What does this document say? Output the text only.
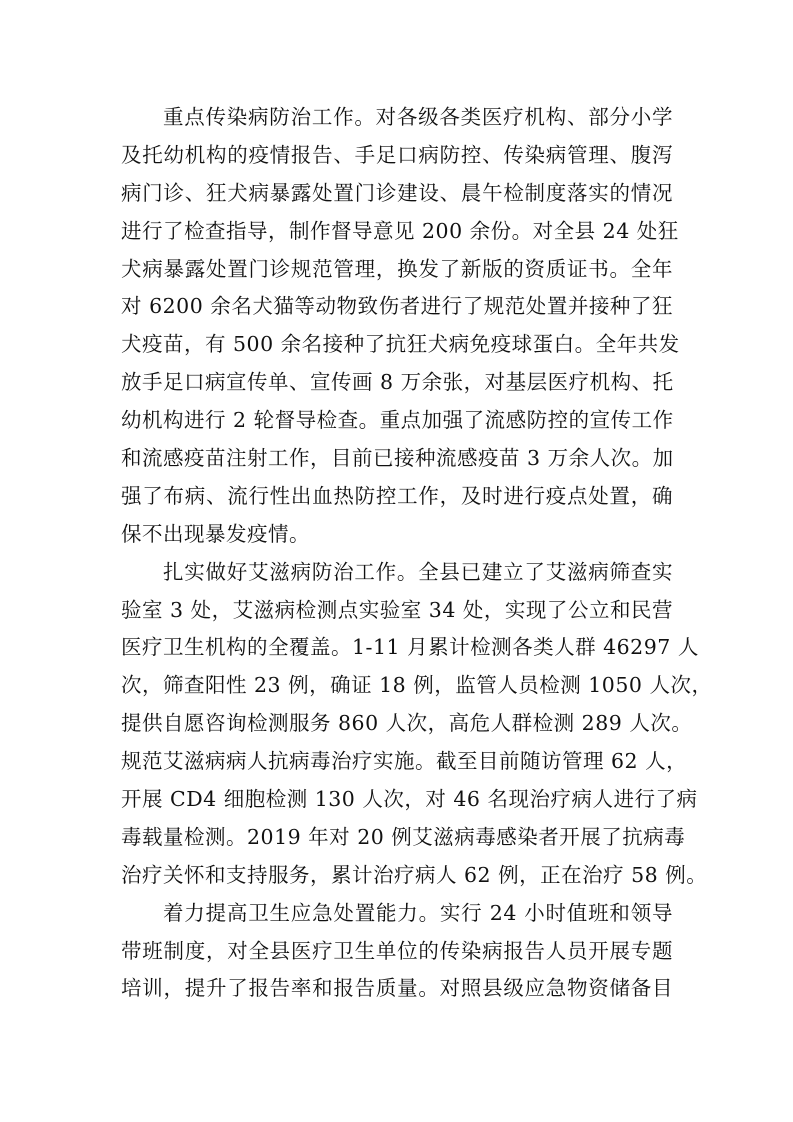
重点传染病防治工作。对各级各类医疗机构、部分小学
及托幼机构的疫情报告、手足口病防控、传染病管理、腹泻
病门诊、狂犬病暴露处置门诊建设、晨午检制度落实的情况
进行了检查指导，制作督导意见 200 余份。对全县 24 处狂
犬病暴露处置门诊规范管理，换发了新版的资质证书。全年
对 6200 余名犬猫等动物致伤者进行了规范处置并接种了狂
犬疫苗，有 500 余名接种了抗狂犬病免疫球蛋白。全年共发
放手足口病宣传单、宣传画 8 万余张，对基层医疗机构、托
幼机构进行 2 轮督导检查。重点加强了流感防控的宣传工作
和流感疫苗注射工作，目前已接种流感疫苗 3 万余人次。加
强了布病、流行性出血热防控工作，及时进行疫点处置，确
保不出现暴发疫情。
扎实做好艾滋病防治工作。全县已建立了艾滋病筛查实
验室 3 处，艾滋病检测点实验室 34 处，实现了公立和民营
医疗卫生机构的全覆盖。1-11 月累计检测各类人群 46297 人
次，筛查阳性 23 例，确证 18 例，监管人员检测 1050 人次，
提供自愿咨询检测服务 860 人次，高危人群检测 289 人次。
规范艾滋病病人抗病毒治疗实施。截至目前随访管理 62 人，
开展 CD4 细胞检测 130 人次，对 46 名现治疗病人进行了病
毒载量检测。2019 年对 20 例艾滋病毒感染者开展了抗病毒
治疗关怀和支持服务，累计治疗病人 62 例，正在治疗 58 例。
着力提高卫生应急处置能力。实行 24 小时值班和领导
带班制度，对全县医疗卫生单位的传染病报告人员开展专题
培训，提升了报告率和报告质量。对照县级应急物资储备目
